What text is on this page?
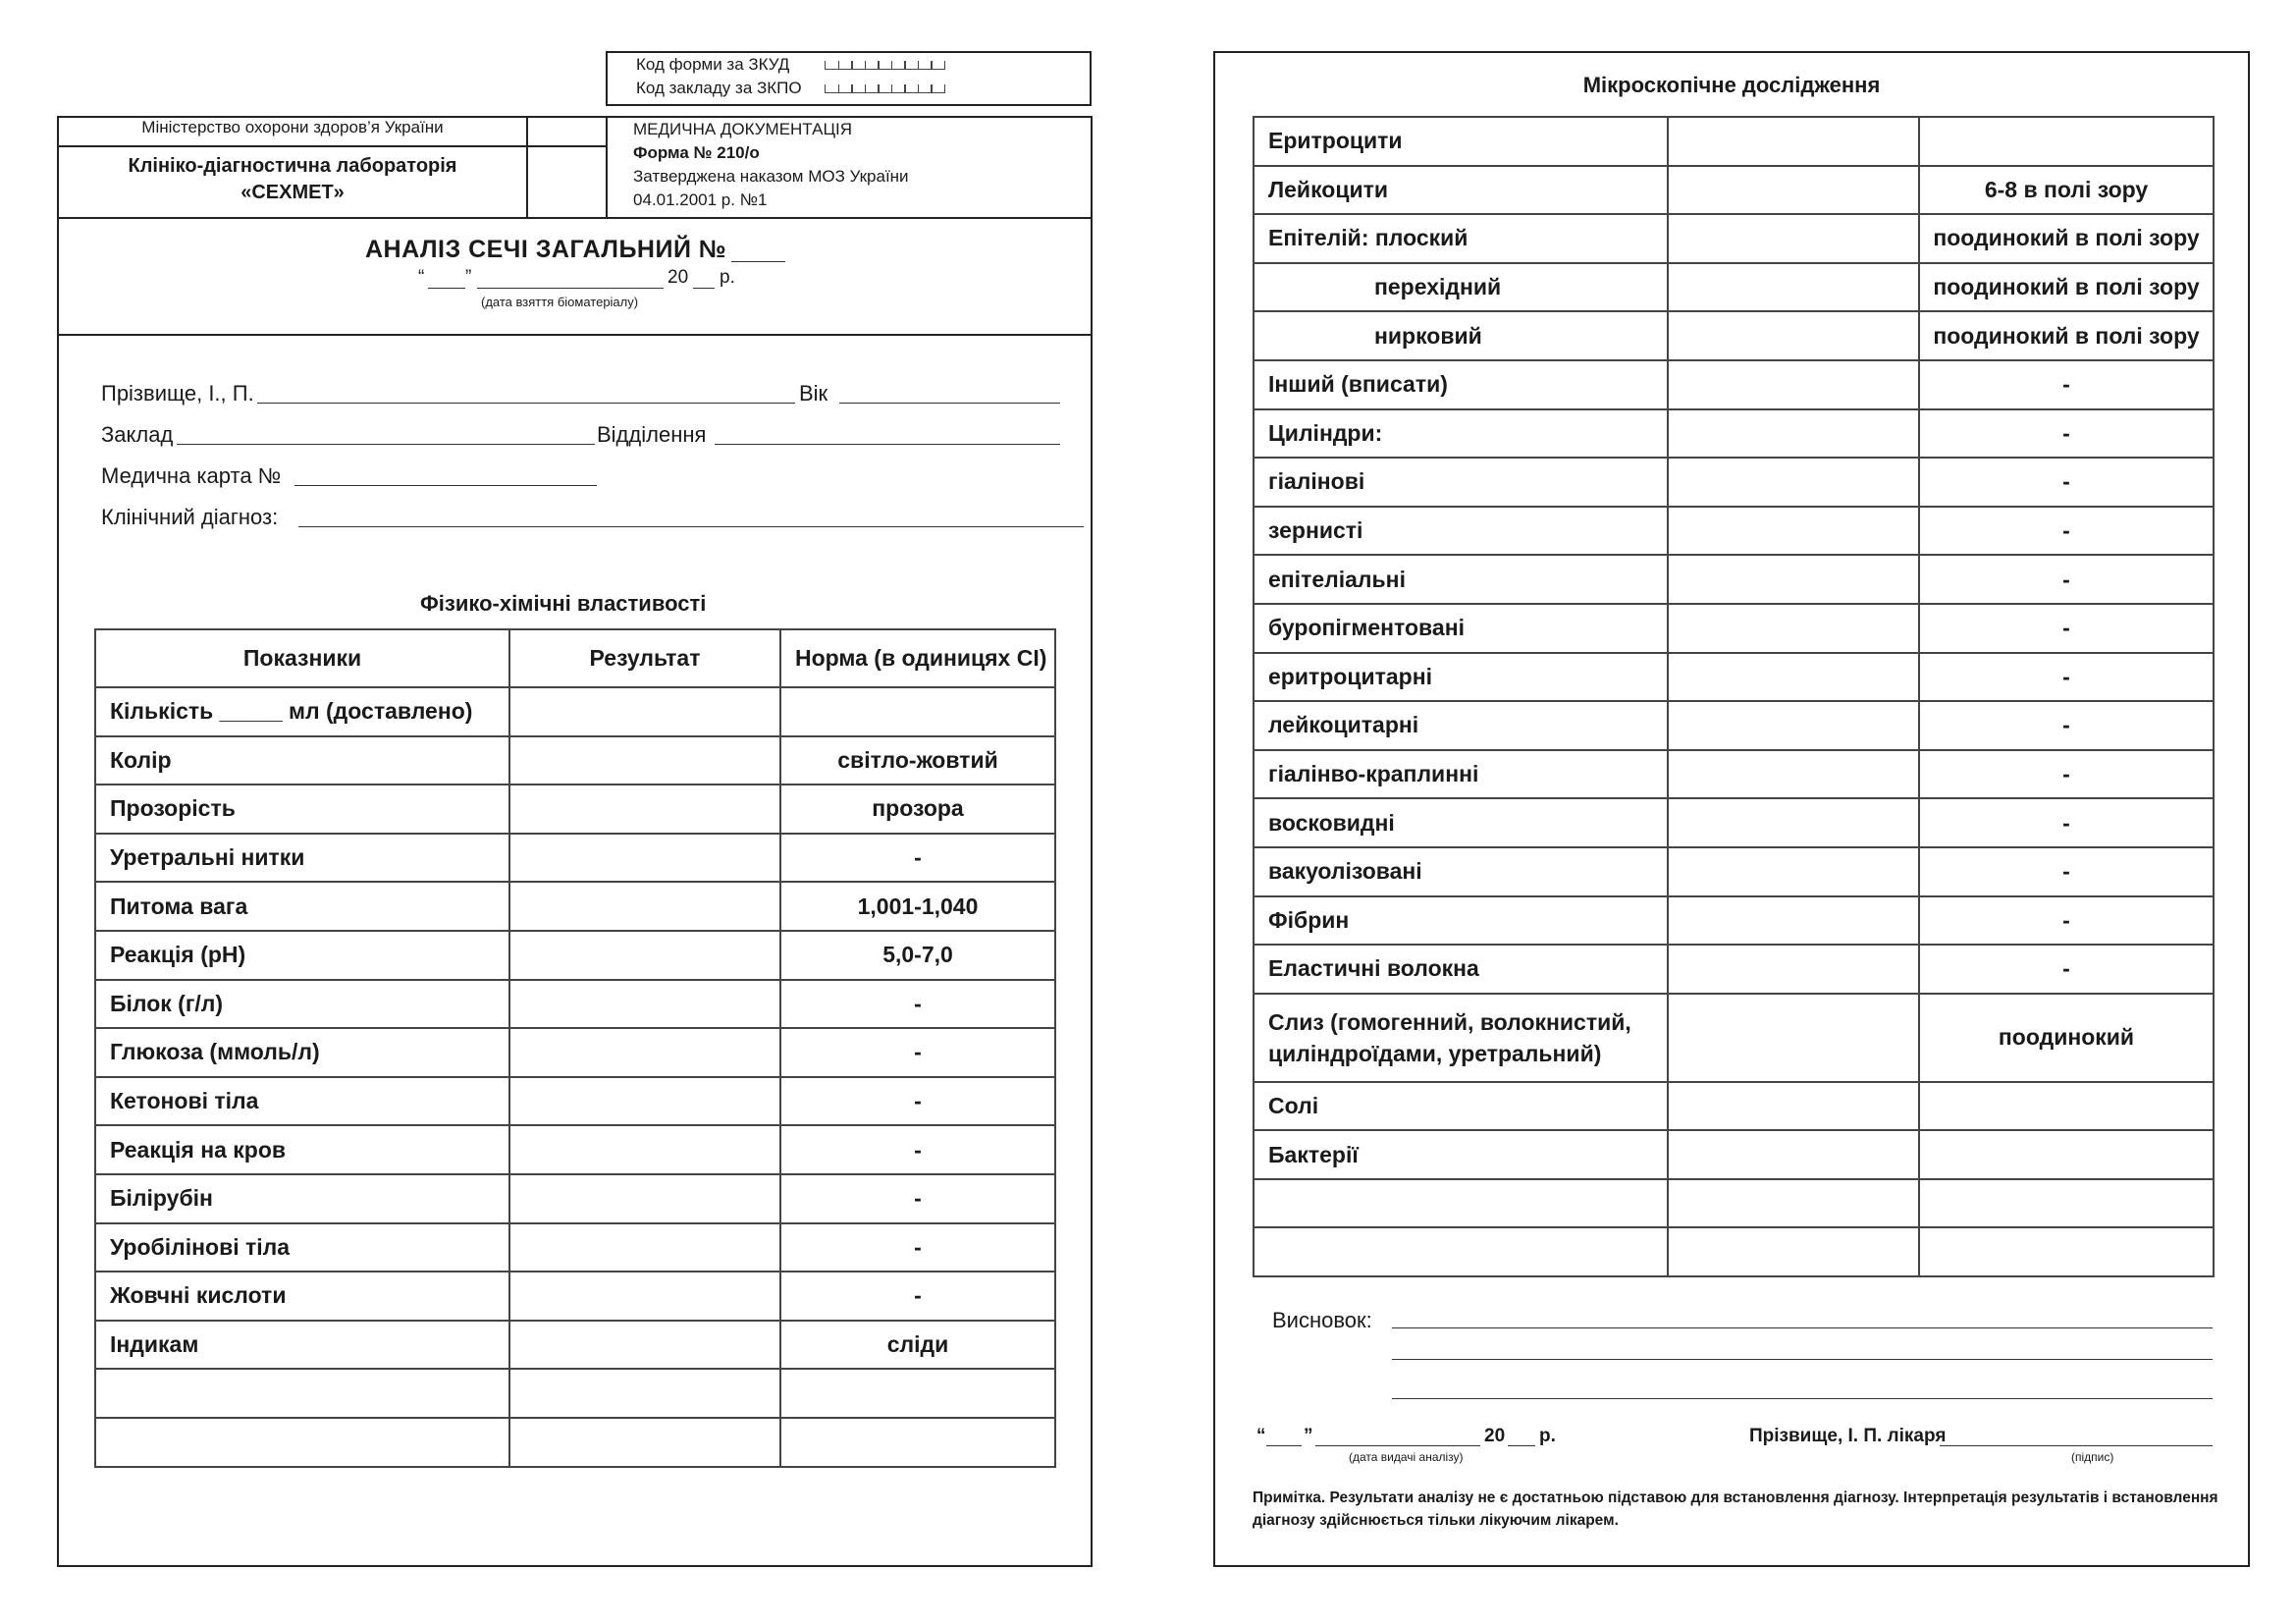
Код форми за ЗКУД
Код закладу за ЗКПО
Міністерство охорони здоров’я України
Клініко-діагностична лабораторія
«СЕХМЕТ»
МЕДИЧНА ДОКУМЕНТАЦІЯ
Форма № 210/о
Затверджена наказом МОЗ України
04.01.2001 р. №1
АНАЛІЗ СЕЧІ ЗАГАЛЬНИЙ №
“ ”	20 р.
(дата взяття біоматеріалу)
Прізвище, І., П.	Вік
Заклад	Відділення
Медична карта №
Клінічний діагноз:
Фізико-хімічні властивості
Показники	Результат	Норма (в одиницях СІ)
Кількість _____ мл (доставлено)		
Колір		світло-жовтий
Прозорість		прозора
Уретральні нитки		-
Питома вага		1,001-1,040
Реакція (pH)		5,0-7,0
Білок (г/л)		-
Глюкоза (ммоль/л)		-
Кетонові тіла		-
Реакція на кров		-
Білірубін		-
Уробілінові тіла		-
Жовчні кислоти		-
Індикам		сліди

Мікроскопічне дослідження
Еритроцити		
Лейкоцити		6-8 в полі зору
Епітелій: плоский		поодинокий в полі зору
перехідний		поодинокий в полі зору
нирковий		поодинокий в полі зору
Інший (вписати)		-
Циліндри:		-
гіалінові		-
зернисті		-
епітеліальні		-
буропігментовані		-
еритроцитарні		-
лейкоцитарні		-
гіалінво-краплинні		-
восковидні		-
вакуолізовані		-
Фібрин		-
Еластичні волокна		-
Слиз (гомогенний, волокнистий, циліндроїдами, уретральний)		поодинокий
Солі		
Бактерії		

Висновок:
“ ”	20 р.
(дата видачі аналізу)
Прізвище, І. П. лікаря
(підпис)
Примітка. Результати аналізу не є достатньою підставою для встановлення діагнозу. Інтерпретація результатів і встановлення діагнозу здійснюється тільки лікуючим лікарем.
